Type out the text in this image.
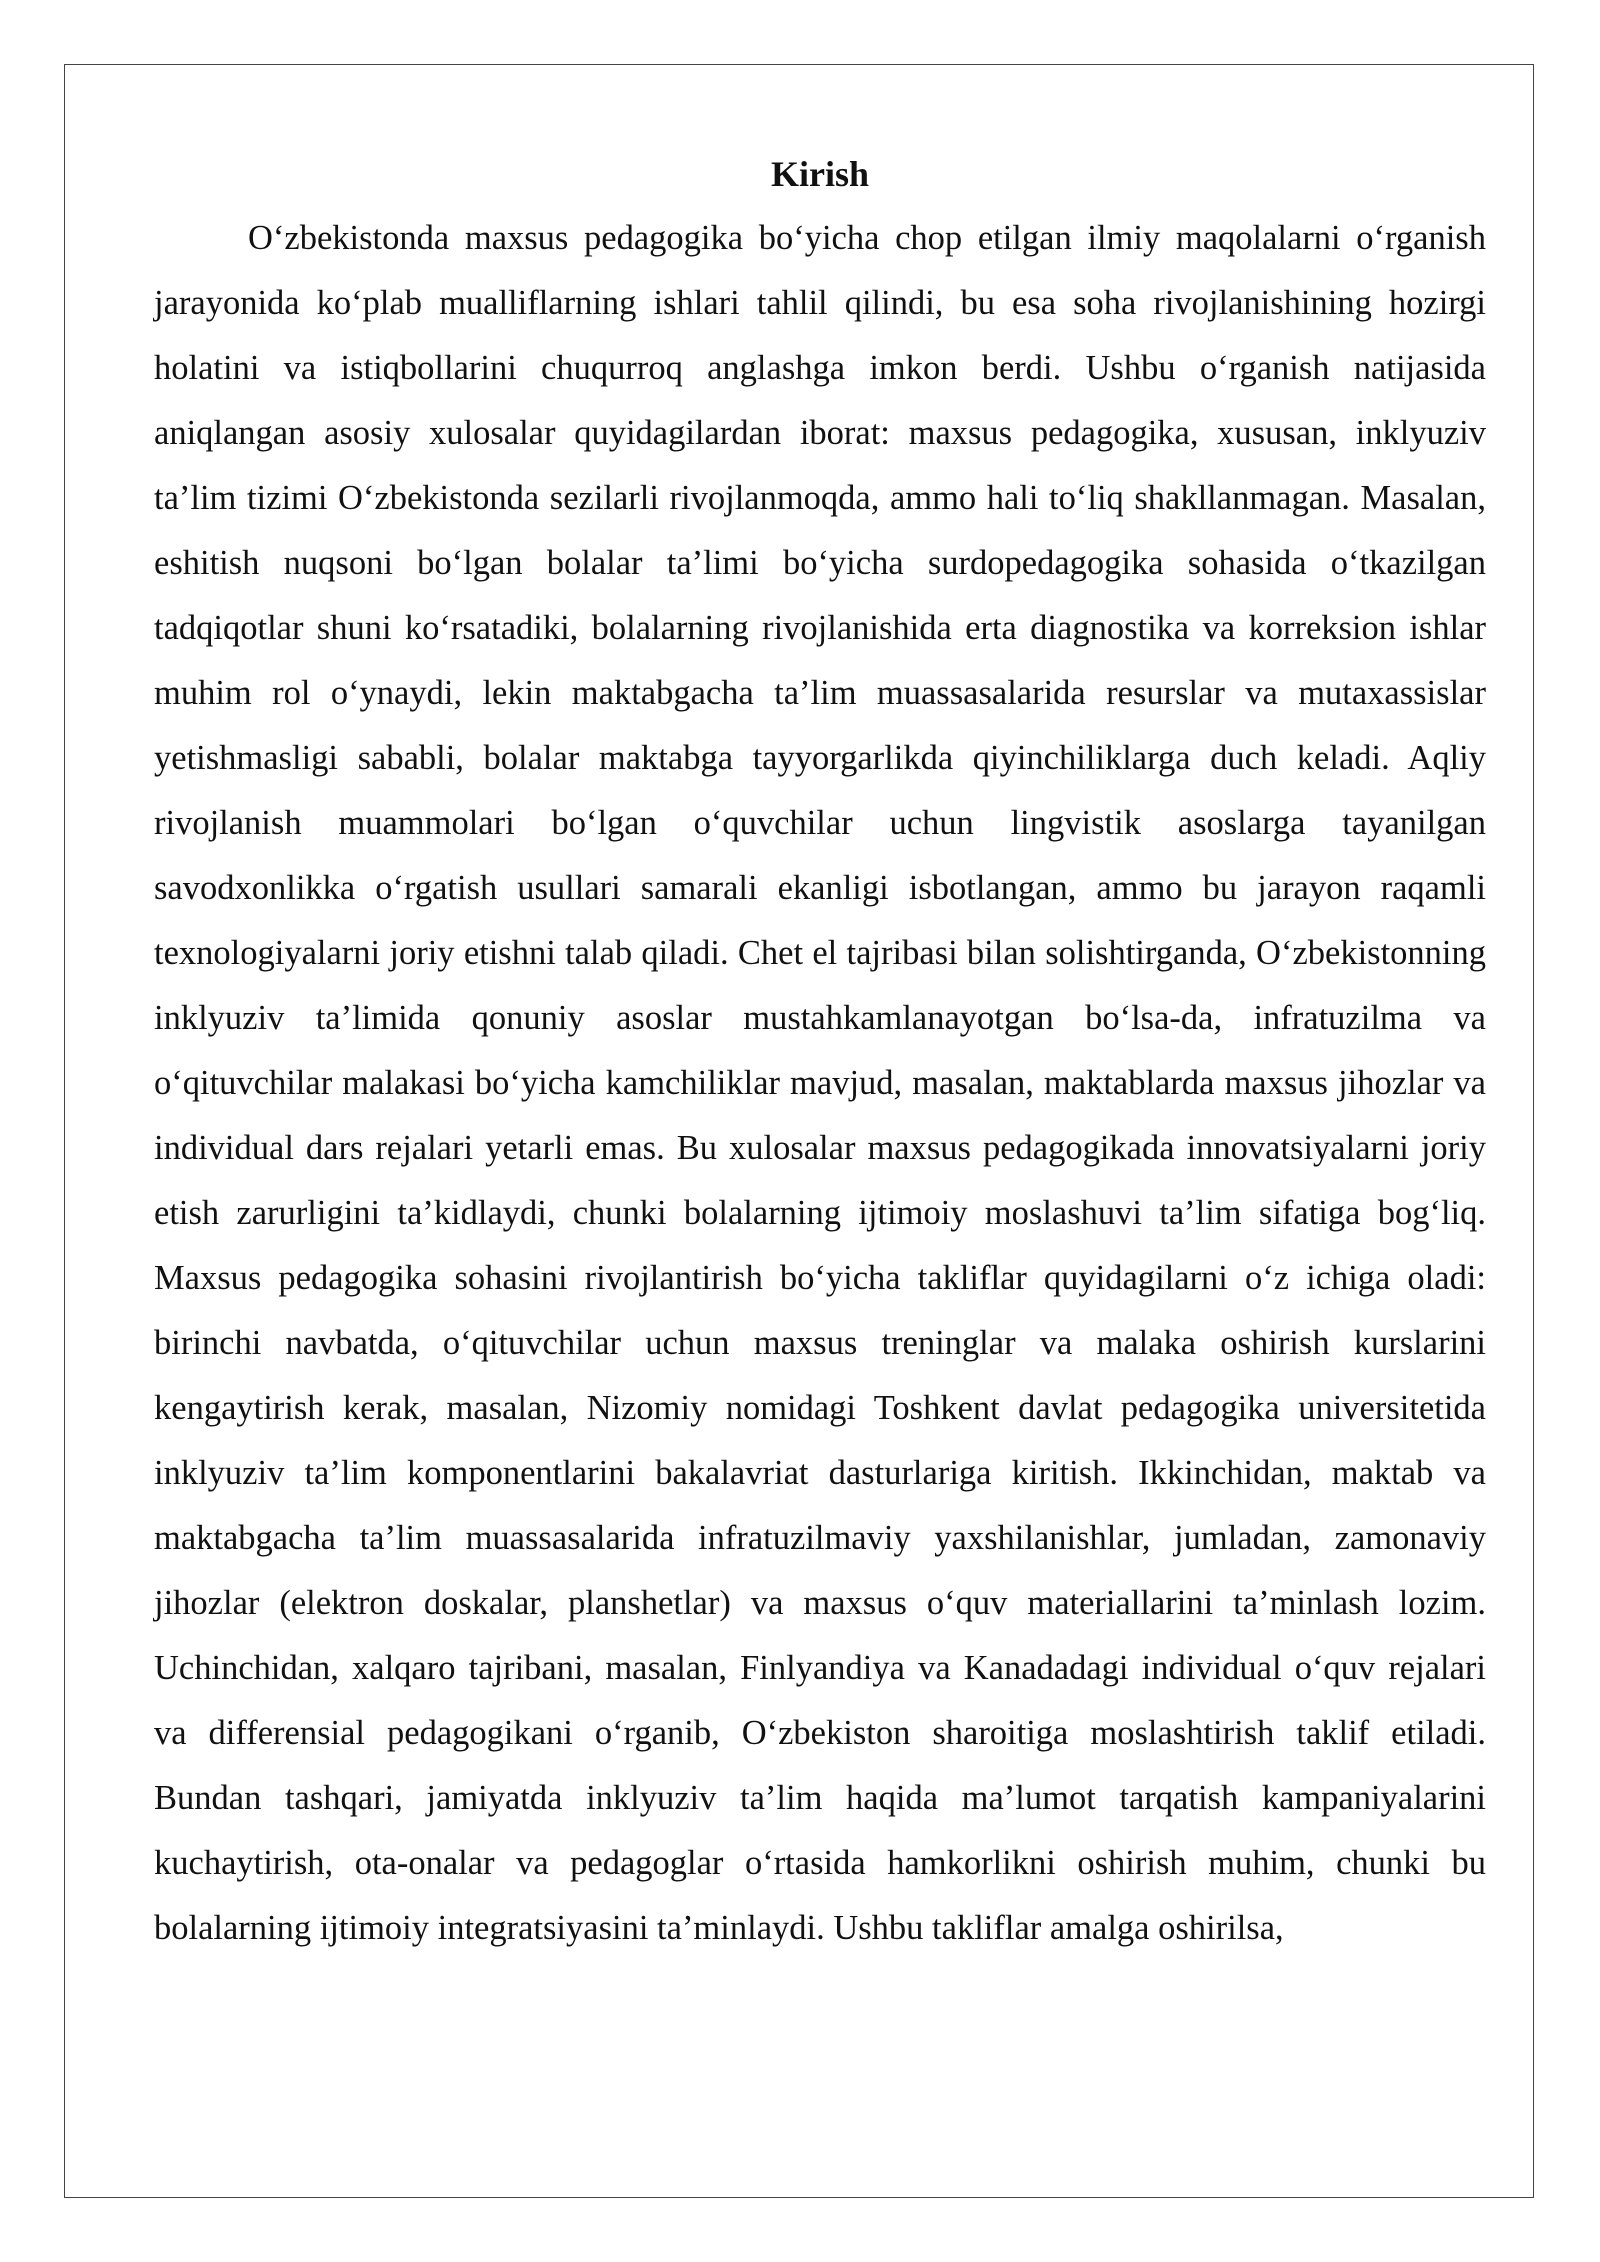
Kirish

O‘zbekistonda maxsus pedagogika bo‘yicha chop etilgan ilmiy maqolalarni o‘rganish jarayonida ko‘plab mualliflarning ishlari tahlil qilindi, bu esa soha rivojlanishining hozirgi holatini va istiqbollarini chuqurroq anglashga imkon berdi. Ushbu o‘rganish natijasida aniqlangan asosiy xulosalar quyidagilardan iborat: maxsus pedagogika, xususan, inklyuziv ta’lim tizimi O‘zbekistonda sezilarli rivojlanmoqda, ammo hali to‘liq shakllanmagan. Masalan, eshitish nuqsoni bo‘lgan bolalar ta’limi bo‘yicha surdopedagogika sohasida o‘tkazilgan tadqiqotlar shuni ko‘rsatadiki, bolalarning rivojlanishida erta diagnostika va korreksion ishlar muhim rol o‘ynaydi, lekin maktabgacha ta’lim muassasalarida resurslar va mutaxassislar yetishmasligi sababli, bolalar maktabga tayyorgarlikda qiyinchiliklarga duch keladi. Aqliy rivojlanish muammolari bo‘lgan o‘quvchilar uchun lingvistik asoslarga tayanilgan savodxonlikka o‘rgatish usullari samarali ekanligi isbotlangan, ammo bu jarayon raqamli texnologiyalarni joriy etishni talab qiladi. Chet el tajribasi bilan solishtirganda, O‘zbekistonning inklyuziv ta’limida qonuniy asoslar mustahkamlanayotgan bo‘lsa-da, infratuzilma va o‘qituvchilar malakasi bo‘yicha kamchiliklar mavjud, masalan, maktablarda maxsus jihozlar va individual dars rejalari yetarli emas. Bu xulosalar maxsus pedagogikada innovatsiyalarni joriy etish zarurligini ta’kidlaydi, chunki bolalarning ijtimoiy moslashuvi ta’lim sifatiga bog‘liq. Maxsus pedagogika sohasini rivojlantirish bo‘yicha takliflar quyidagilarni o‘z ichiga oladi: birinchi navbatda, o‘qituvchilar uchun maxsus treninglar va malaka oshirish kurslarini kengaytirish kerak, masalan, Nizomiy nomidagi Toshkent davlat pedagogika universitetida inklyuziv ta’lim komponentlarini bakalavriat dasturlariga kiritish. Ikkinchidan, maktab va maktabgacha ta’lim muassasalarida infratuzilmaviy yaxshilanishlar, jumladan, zamonaviy jihozlar (elektron doskalar, planshetlar) va maxsus o‘quv materiallarini ta’minlash lozim. Uchinchidan, xalqaro tajribani, masalan, Finlyandiya va Kanadadagi individual o‘quv rejalari va differensial pedagogikani o‘rganib, O‘zbekiston sharoitiga moslashtirish taklif etiladi. Bundan tashqari, jamiyatda inklyuziv ta’lim haqida ma’lumot tarqatish kampaniyalarini kuchaytirish, ota-onalar va pedagoglar o‘rtasida hamkorlikni oshirish muhim, chunki bu bolalarning ijtimoiy integratsiyasini ta’minlaydi. Ushbu takliflar amalga oshirilsa,
